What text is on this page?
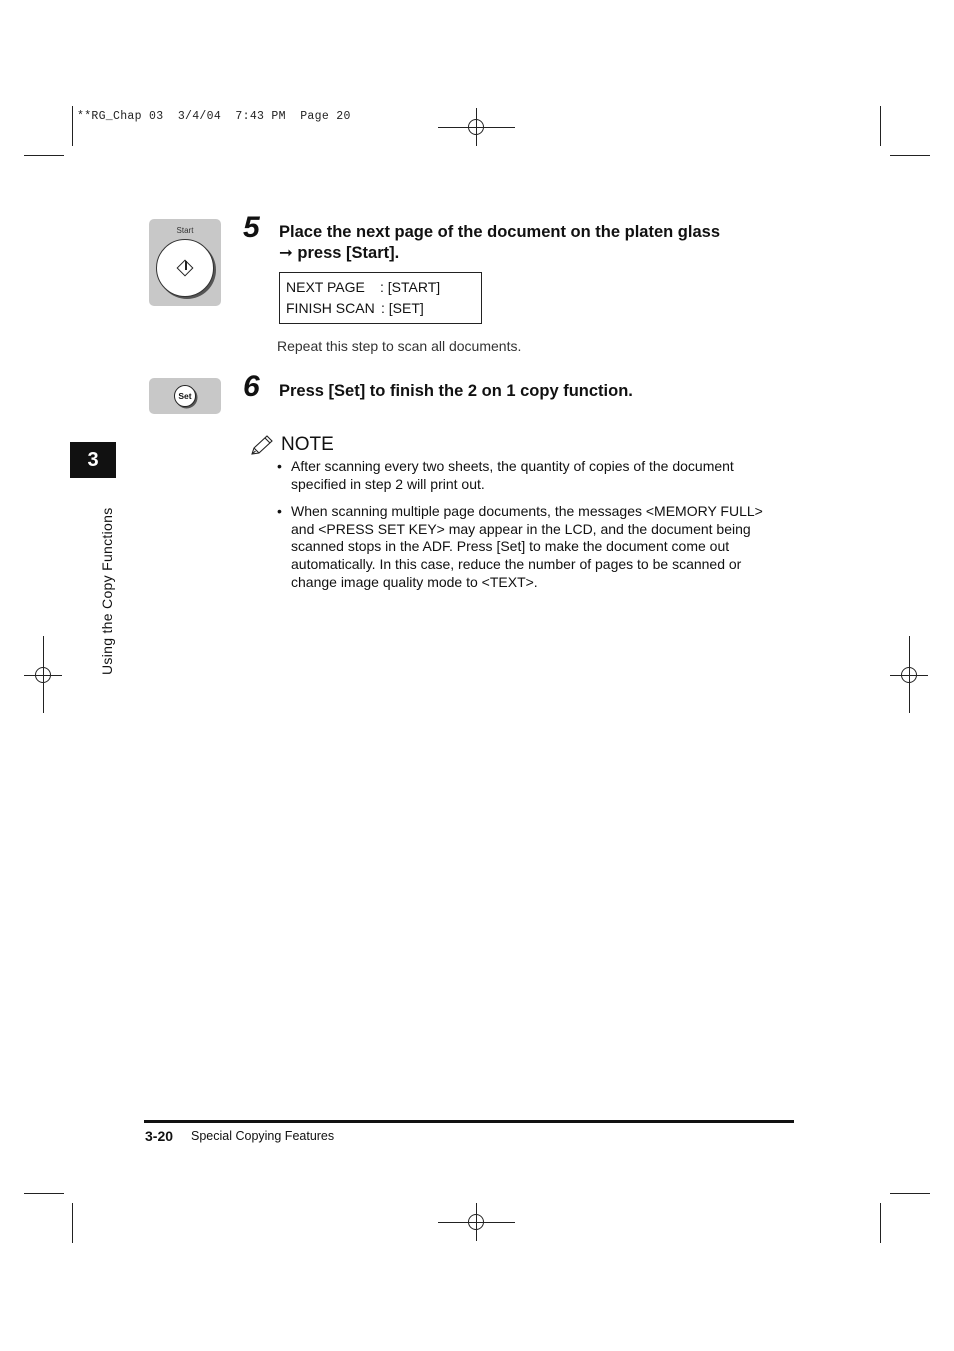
**RG_Chap 03  3/4/04  7:43 PM  Page 20
Start	5 Place the next page of the document on the platen glass
➞ press [Start].
NEXT PAGE	: [START]
FINISH SCAN : [SET]
Repeat this step to scan all documents.
Set 6 Press [Set] to finish the 2 on 1 copy function.
NOTE
• After scanning every two sheets, the quantity of copies of the document specified in step 2 will print out.
• When scanning multiple page documents, the messages <MEMORY FULL> and <PRESS SET KEY> may appear in the LCD, and the document being scanned stops in the ADF. Press [Set] to make the document come out automatically. In this case, reduce the number of pages to be scanned or change image quality mode to <TEXT>.
3
Using the Copy Functions
3-20 Special Copying Features
